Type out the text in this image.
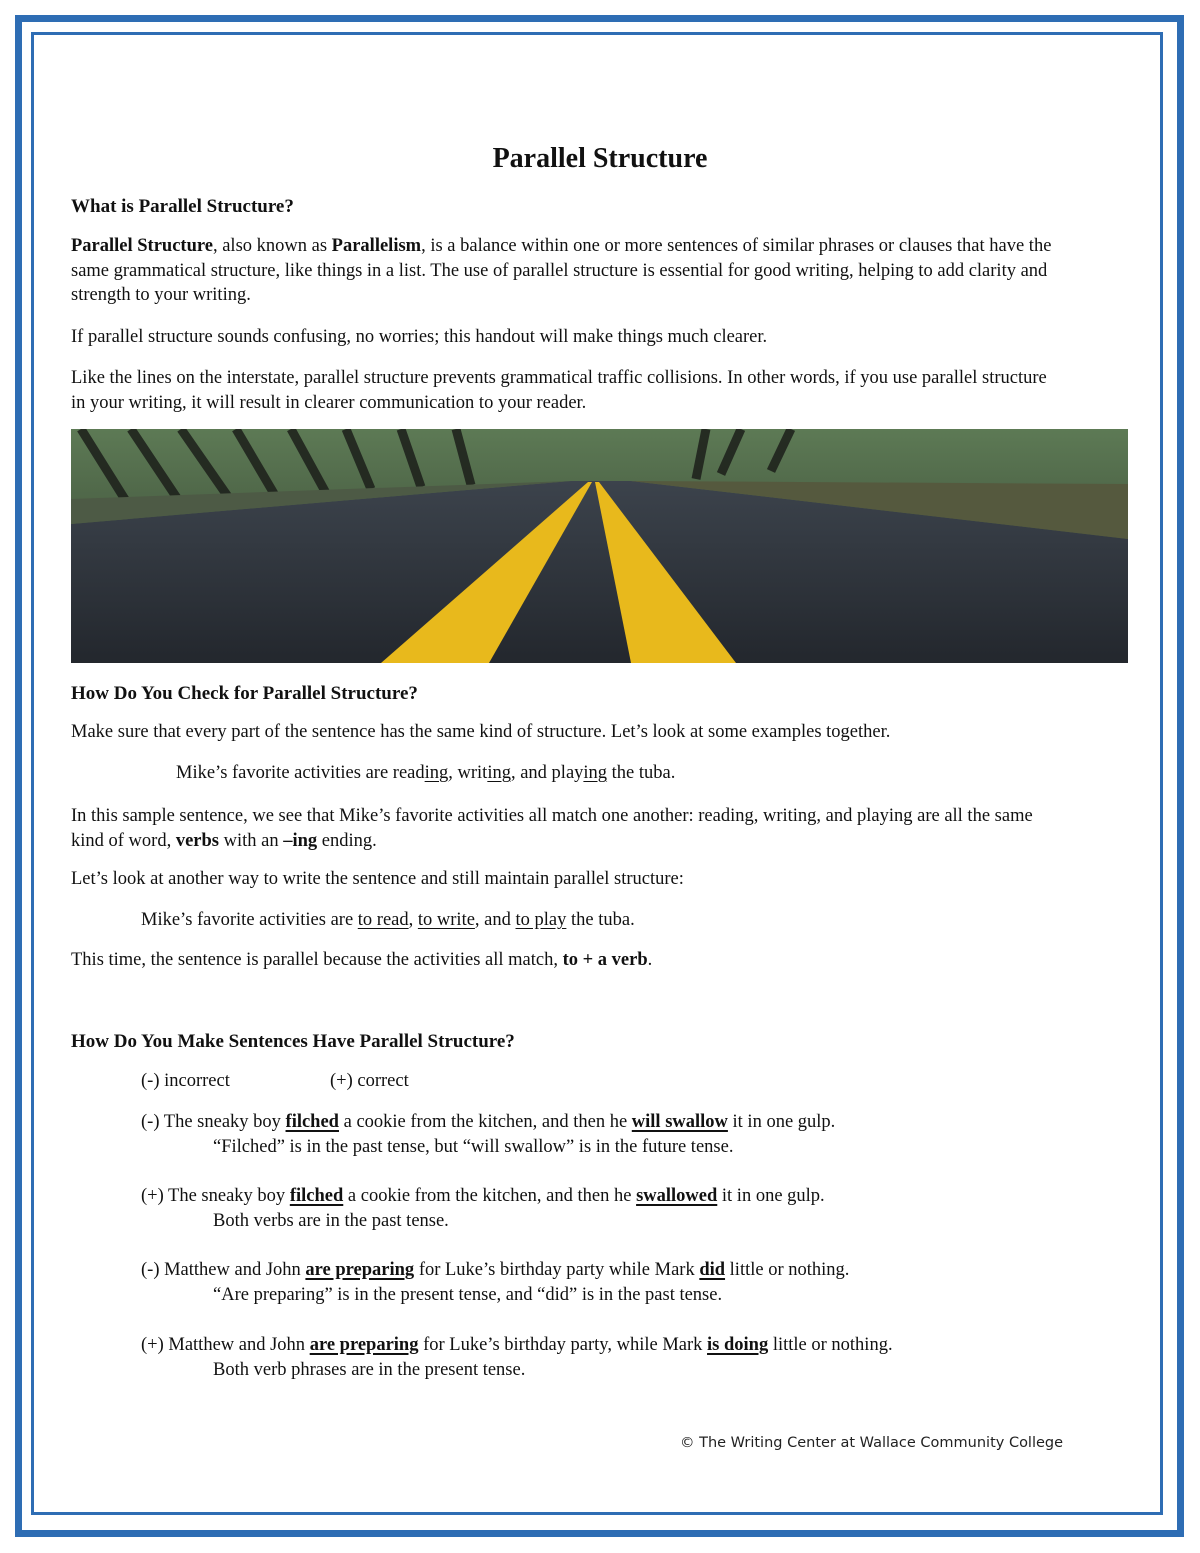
Parallel Structure
What is Parallel Structure?
Parallel Structure, also known as Parallelism, is a balance within one or more sentences of similar phrases or clauses that have the same grammatical structure, like things in a list. The use of parallel structure is essential for good writing, helping to add clarity and strength to your writing.
If parallel structure sounds confusing, no worries; this handout will make things much clearer.
Like the lines on the interstate, parallel structure prevents grammatical traffic collisions. In other words, if you use parallel structure in your writing, it will result in clearer communication to your reader.
How Do You Check for Parallel Structure?
Make sure that every part of the sentence has the same kind of structure. Let’s look at some examples together.
Mike’s favorite activities are reading, writing, and playing the tuba.
In this sample sentence, we see that Mike’s favorite activities all match one another: reading, writing, and playing are all the same kind of word, verbs with an –ing ending.
Let’s look at another way to write the sentence and still maintain parallel structure:
Mike’s favorite activities are to read, to write, and to play the tuba.
This time, the sentence is parallel because the activities all match, to + a verb.
How Do You Make Sentences Have Parallel Structure?
(-) incorrect	(+) correct
(-) The sneaky boy filched a cookie from the kitchen, and then he will swallow it in one gulp.
“Filched” is in the past tense, but “will swallow” is in the future tense.
(+) The sneaky boy filched a cookie from the kitchen, and then he swallowed it in one gulp.
Both verbs are in the past tense.
(-) Matthew and John are preparing for Luke’s birthday party while Mark did little or nothing.
“Are preparing” is in the present tense, and “did” is in the past tense.
(+) Matthew and John are preparing for Luke’s birthday party, while Mark is doing little or nothing.
Both verb phrases are in the present tense.
© The Writing Center at Wallace Community College
